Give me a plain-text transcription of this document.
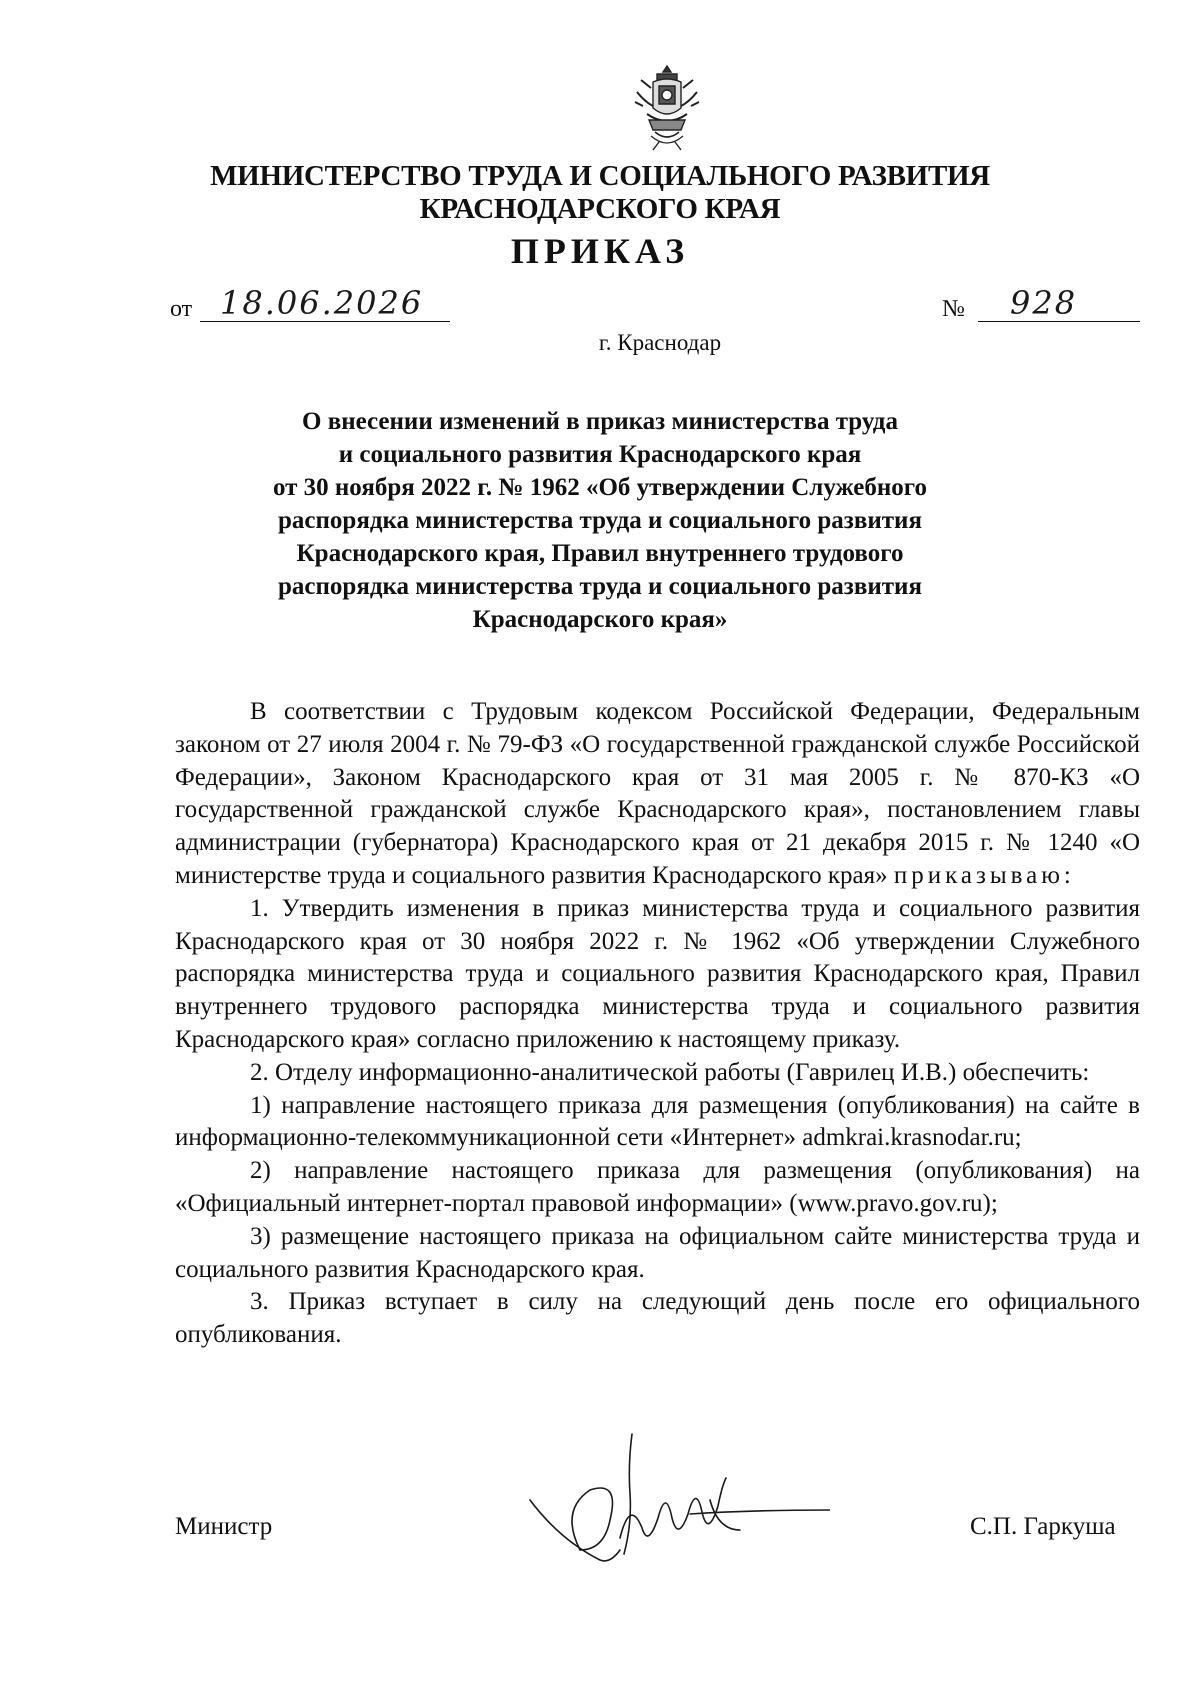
МИНИСТЕРСТВО ТРУДА И СОЦИАЛЬНОГО РАЗВИТИЯ
КРАСНОДАРСКОГО КРАЯ
ПРИКАЗ
от 18.06.2026	№ 928
г. Краснодар
О внесении изменений в приказ министерства труда
и социального развития Краснодарского края
от 30 ноября 2022 г. № 1962 «Об утверждении Служебного
распорядка министерства труда и социального развития
Краснодарского края, Правил внутреннего трудового
распорядка министерства труда и социального развития
Краснодарского края»

В соответствии с Трудовым кодексом Российской Федерации, Федеральным законом от 27 июля 2004 г. № 79-ФЗ «О государственной гражданской службе Российской Федерации», Законом Краснодарского края от 31 мая 2005 г. № 870-КЗ «О государственной гражданской службе Краснодарского края», постановлением главы администрации (губернатора) Краснодарского края от 21 декабря 2015 г. № 1240 «О министерстве труда и социального развития Краснодарского края» приказываю:

1. Утвердить изменения в приказ министерства труда и социального развития Краснодарского края от 30 ноября 2022 г. № 1962 «Об утверждении Служебного распорядка министерства труда и социального развития Краснодарского края, Правил внутреннего трудового распорядка министерства труда и социального развития Краснодарского края» согласно приложению к настоящему приказу.

2. Отделу информационно-аналитической работы (Гаврилец И.В.) обеспечить:

1) направление настоящего приказа для размещения (опубликования) на сайте в информационно-телекоммуникационной сети «Интернет» admkrai.krasnodar.ru;

2) направление настоящего приказа для размещения (опубликования) на «Официальный интернет-портал правовой информации» (www.pravo.gov.ru);

3) размещение настоящего приказа на официальном сайте министерства труда и социального развития Краснодарского края.

3. Приказ вступает в силу на следующий день после его официального опубликования.

Министр	С.П. Гаркуша
